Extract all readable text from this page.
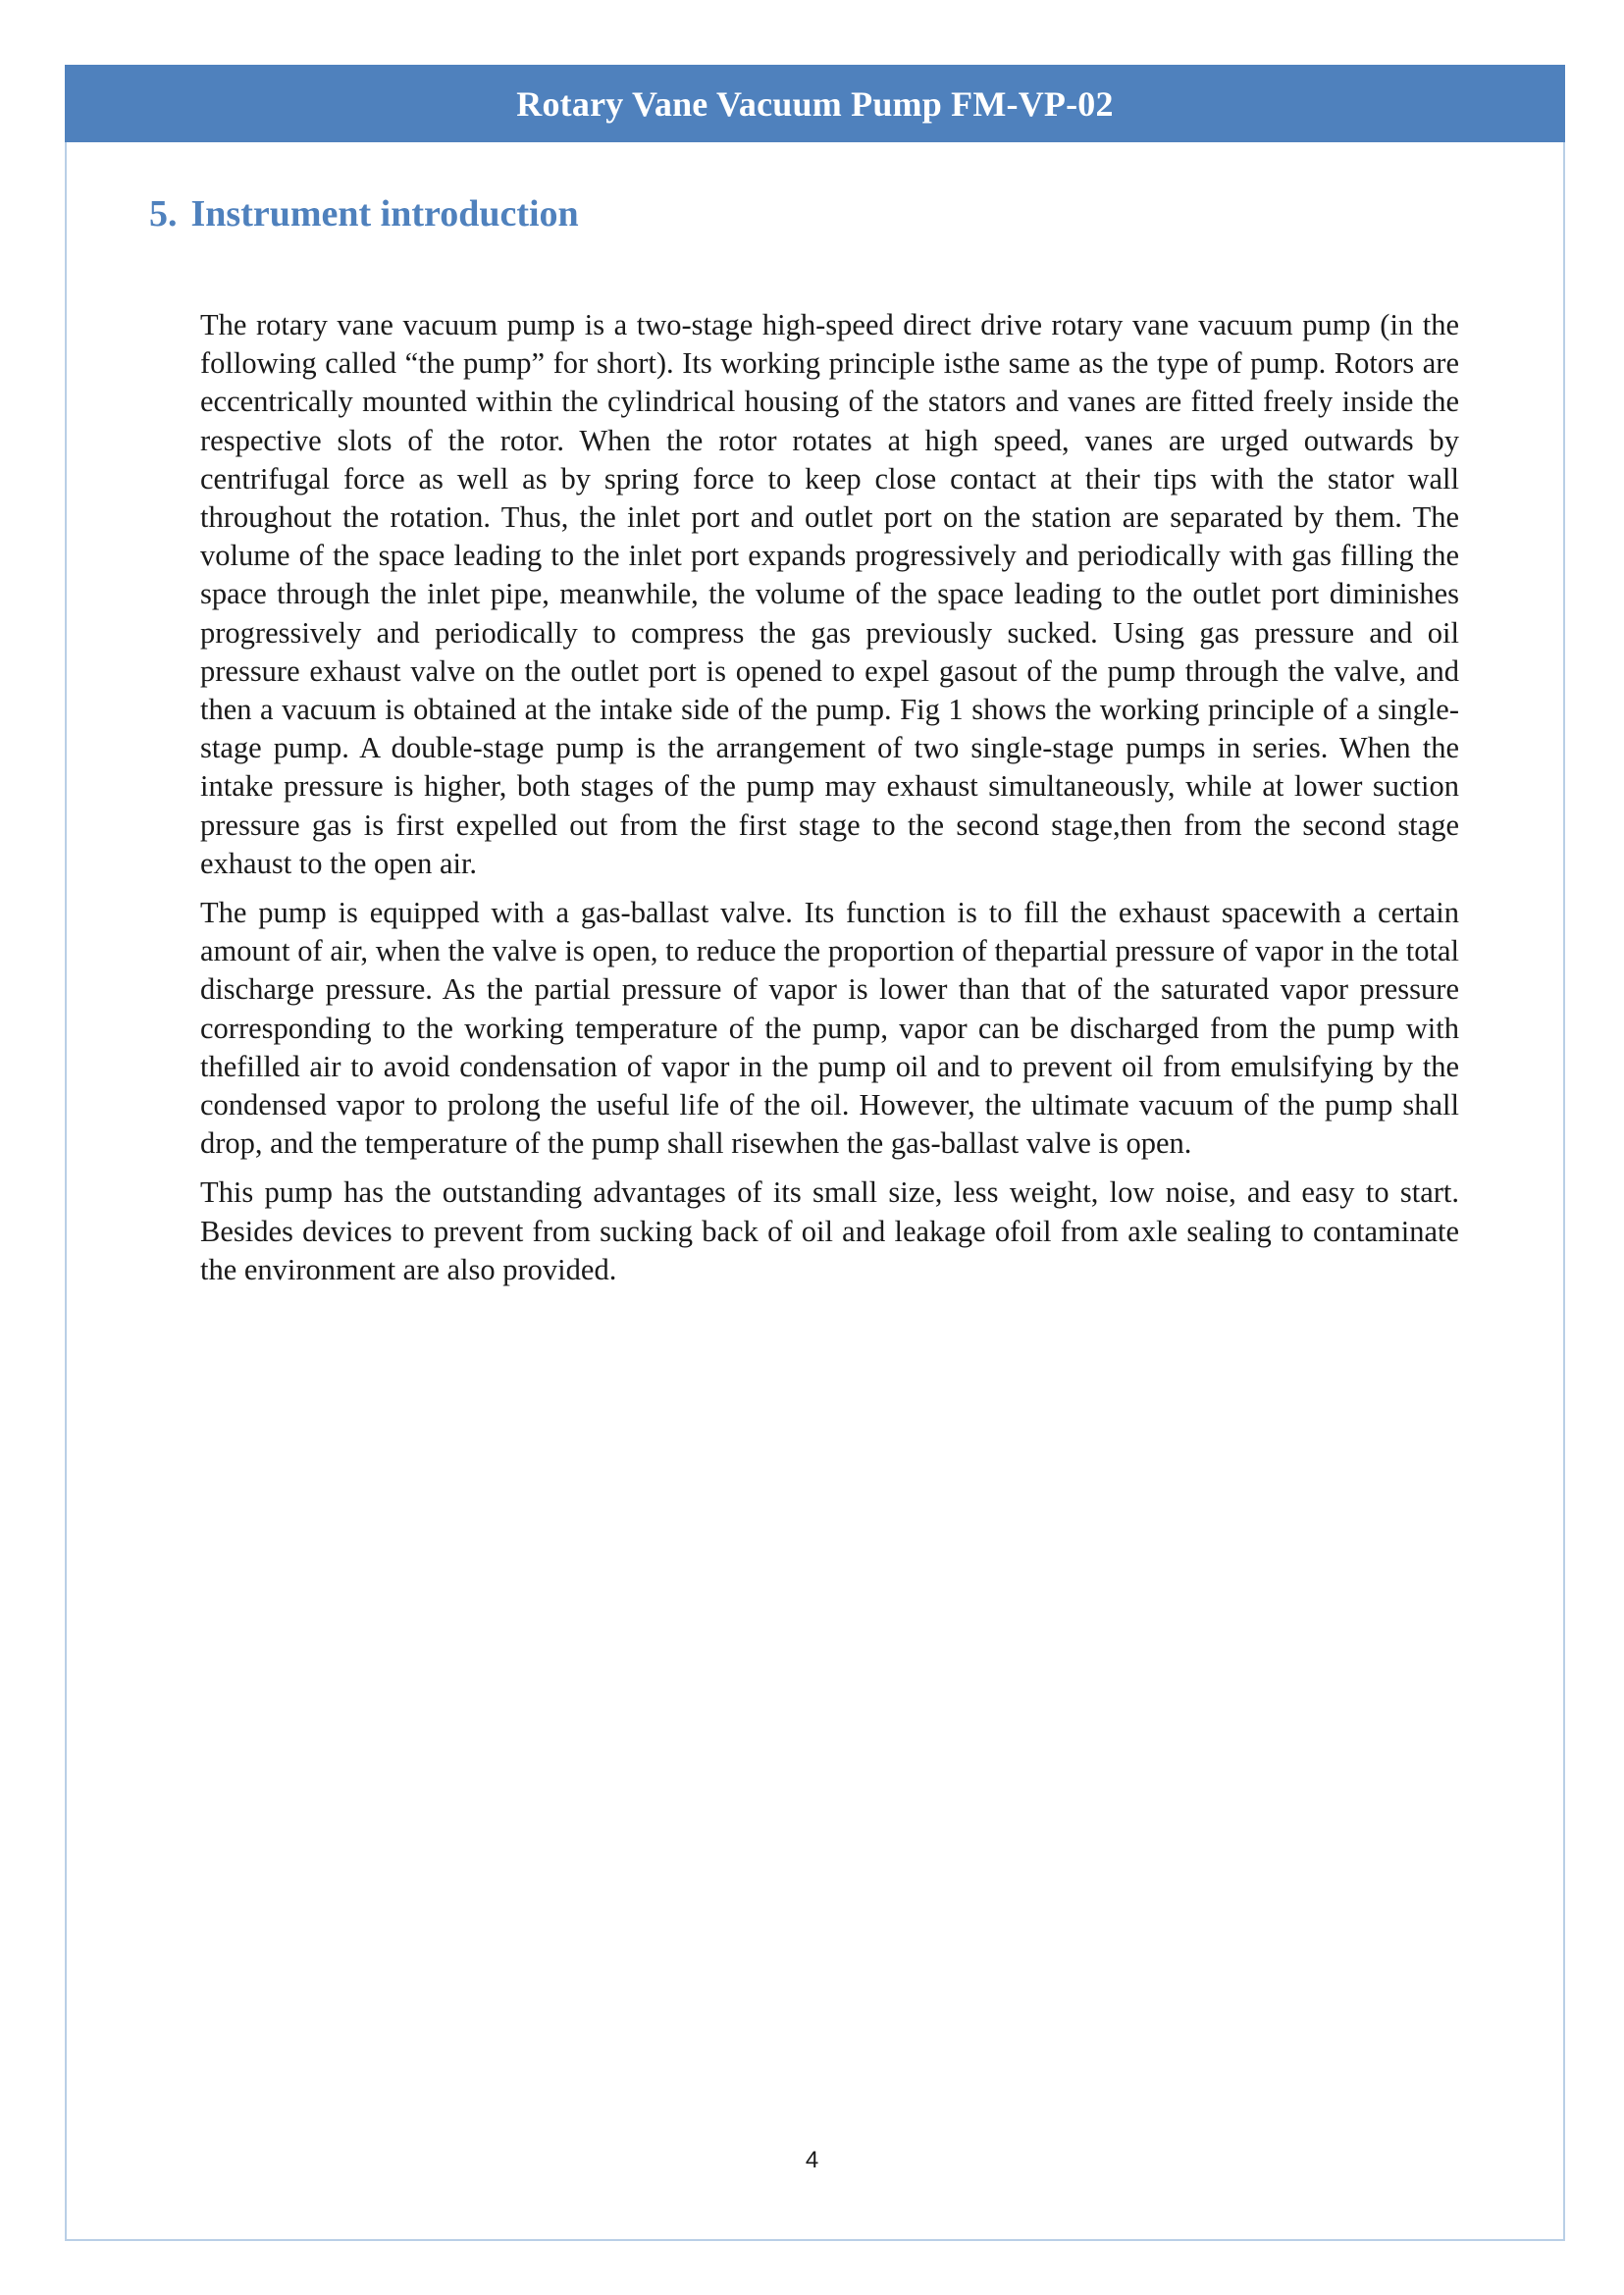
Rotary Vane Vacuum Pump FM-VP-02
5. Instrument introduction

The rotary vane vacuum pump is a two-stage high-speed direct drive rotary vane vacuum pump (in the following called “the pump” for short). Its working principle isthe same as the type of pump. Rotors are eccentrically mounted within the cylindrical housing of the stators and vanes are fitted freely inside the respective slots of the rotor. When the rotor rotates at high speed, vanes are urged outwards by centrifugal force as well as by spring force to keep close contact at their tips with the stator wall throughout the rotation. Thus, the inlet port and outlet port on the station are separated by them. The volume of the space leading to the inlet port expands progressively and periodically with gas filling the space through the inlet pipe, meanwhile, the volume of the space leading to the outlet port diminishes progressively and periodically to compress the gas previously sucked. Using gas pressure and oil pressure exhaust valve on the outlet port is opened to expel gasout of the pump through the valve, and then a vacuum is obtained at the intake side of the pump. Fig 1 shows the working principle of a single-stage pump. A double-stage pump is the arrangement of two single-stage pumps in series. When the intake pressure is higher, both stages of the pump may exhaust simultaneously, while at lower suction pressure gas is first expelled out from the first stage to the second stage,then from the second stage exhaust to the open air.

The pump is equipped with a gas-ballast valve. Its function is to fill the exhaust spacewith a certain amount of air, when the valve is open, to reduce the proportion of thepartial pressure of vapor in the total discharge pressure. As the partial pressure of vapor is lower than that of the saturated vapor pressure corresponding to the working temperature of the pump, vapor can be discharged from the pump with thefilled air to avoid condensation of vapor in the pump oil and to prevent oil from emulsifying by the condensed vapor to prolong the useful life of the oil. However, the ultimate vacuum of the pump shall drop, and the temperature of the pump shall risewhen the gas-ballast valve is open.

This pump has the outstanding advantages of its small size, less weight, low noise, and easy to start. Besides devices to prevent from sucking back of oil and leakage ofoil from axle sealing to contaminate the environment are also provided.

4
